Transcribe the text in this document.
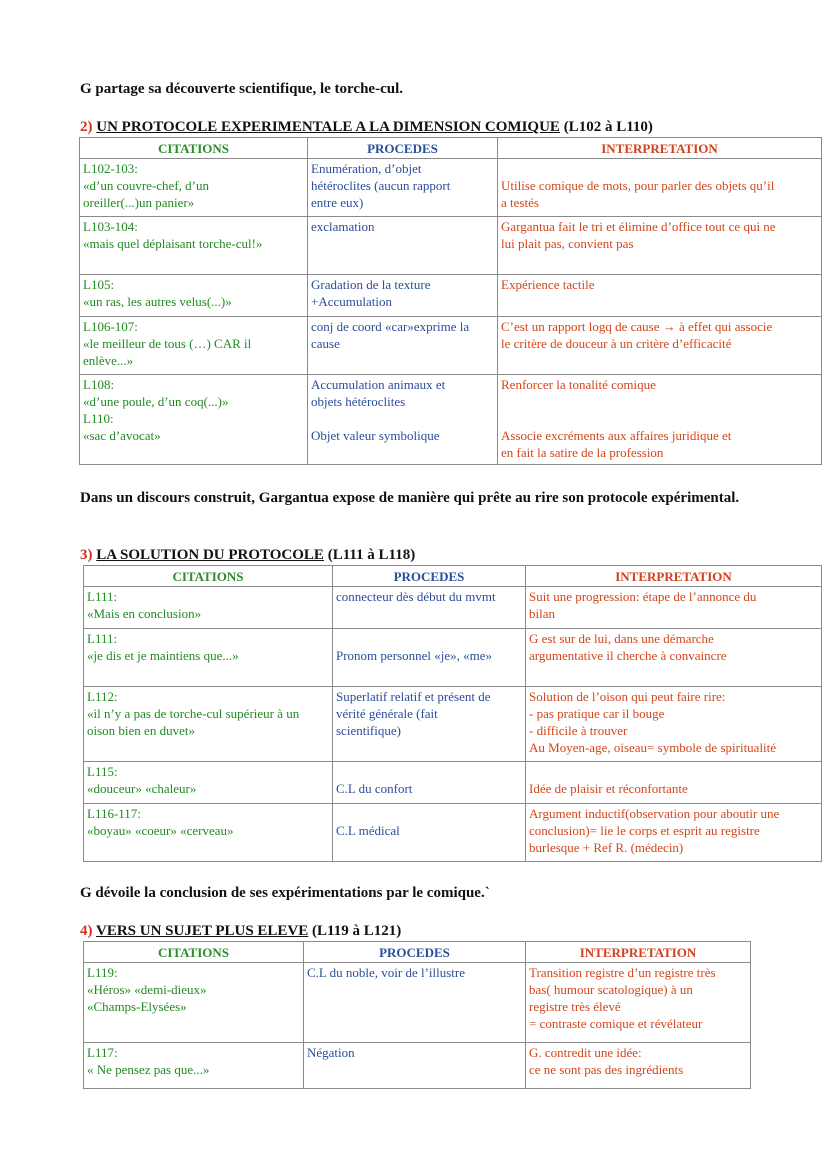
G partage sa découverte scientifique, le torche-cul.
2) UN PROTOCOLE EXPERIMENTALE A LA DIMENSION COMIQUE (L102 à L110)
CITATIONS	PROCEDES	INTERPRETATION

L102-103:
«d’un couvre-chef, d’un
oreiller(...)un panier»	Enumération, d’objet
hétéroclites (aucun rapport
entre eux)	Utilise comique de mots, pour parler des objets qu’il
a testés

L103-104:
«mais quel déplaisant torche-cul!»	exclamation	Gargantua fait le tri et élimine d’office tout ce qui ne
lui plait pas, convient pas

L105:
«un ras, les autres velus(...)»	Gradation de la texture
+Accumulation	Expérience tactile

L106-107:
«le meilleur de tous (…) CAR il
enlève...»	conj de coord «car»exprime la
cause	C’est un rapport logq de cause → à effet qui associe
le critère de douceur à un critère d’efficacité

L108:
«d’une poule, d’un coq(...)»
L110:
«sac d’avocat»	Accumulation animaux et
objets hétéroclites
Objet valeur symbolique	Renforcer la tonalité comique
Associe excréments aux affaires juridique et
en fait la satire de la profession
Dans un discours construit, Gargantua expose de manière qui prête au rire son protocole expérimental.
3) LA SOLUTION DU PROTOCOLE (L111 à L118)
CITATIONS	PROCEDES	INTERPRETATION

L111:
«Mais en conclusion»	connecteur dès début du mvmt	Suit une progression: étape de l’annonce du
bilan

L111:
«je dis et je maintiens que...»	Pronom personnel «je», «me»	G est sur de lui, dans une démarche
argumentative il cherche à convaincre

L112:
«il n’y a pas de torche-cul supérieur à un
oison bien en duvet»	Superlatif relatif et présent de
vérité générale (fait
scientifique)	Solution de l’oison qui peut faire rire:
- pas pratique car il bouge
- difficile à trouver
Au Moyen-age, oiseau= symbole de spiritualité

L115:
«douceur» «chaleur»	C.L du confort	Idée de plaisir et réconfortante

L116-117:
«boyau» «coeur» «cerveau»	C.L médical	Argument inductif(observation pour aboutir une
conclusion)= lie le corps et esprit au registre
burlesque + Ref R. (médecin)
G dévoile la conclusion de ses expérimentations par le comique.`
4) VERS UN SUJET PLUS ELEVE (L119 à L121)
CITATIONS	PROCEDES	INTERPRETATION

L119:
«Héros» «demi-dieux»
«Champs-Elysées»	C.L du noble, voir de l’illustre	Transition registre d’un registre très
bas( humour scatologique) à un
registre très élevé
= contraste comique et révélateur

L117:
« Ne pensez pas que...»	Négation	G. contredit une idée:
ce ne sont pas des ingrédients
